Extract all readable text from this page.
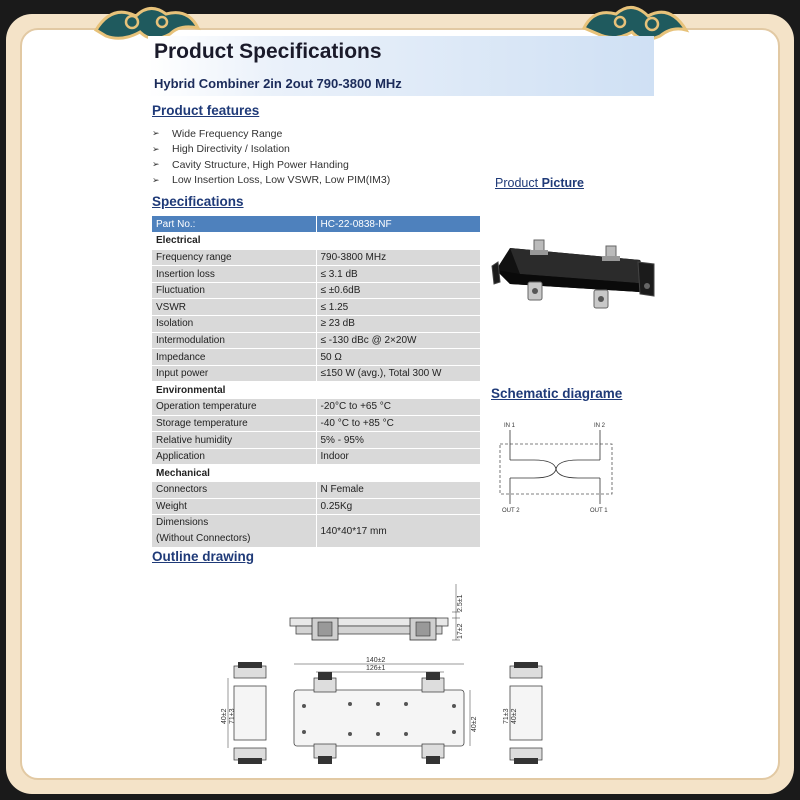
Product Specifications
Hybrid Combiner 2in 2out 790-3800 MHz
Product features
➢	Wide Frequency Range
➢	High Directivity / Isolation
➢	Cavity Structure, High Power Handing
➢	Low Insertion Loss, Low VSWR, Low PIM(IM3)	Product Picture
Specifications
Part No.:	HC-22-0838-NF
Electrical	
Frequency range	790-3800 MHz
Insertion loss	≤ 3.1 dB
Fluctuation	≤ ±0.6dB
VSWR	≤ 1.25
Isolation	≥ 23 dB
Intermodulation	≤ -130 dBc @ 2×20W
Impedance	50 Ω
Input power	≤150 W (avg.), Total 300 W
Environmental	
Operation temperature	-20°C to +65 °C
Storage temperature	-40 °C to +85 °C
Relative humidity	5% - 95%
Application	Indoor
Mechanical	
Connectors	N Female
Weight	0.25Kg

Dimensions
(Without Connectors)	140*40*17 mm
Schematic diagrame
IN 1	IN 2
OUT 2	OUT 1
Outline drawing
2.5±1
17±2
140±2
126±1
40±2
40±2 71±3	71±3 40±2
